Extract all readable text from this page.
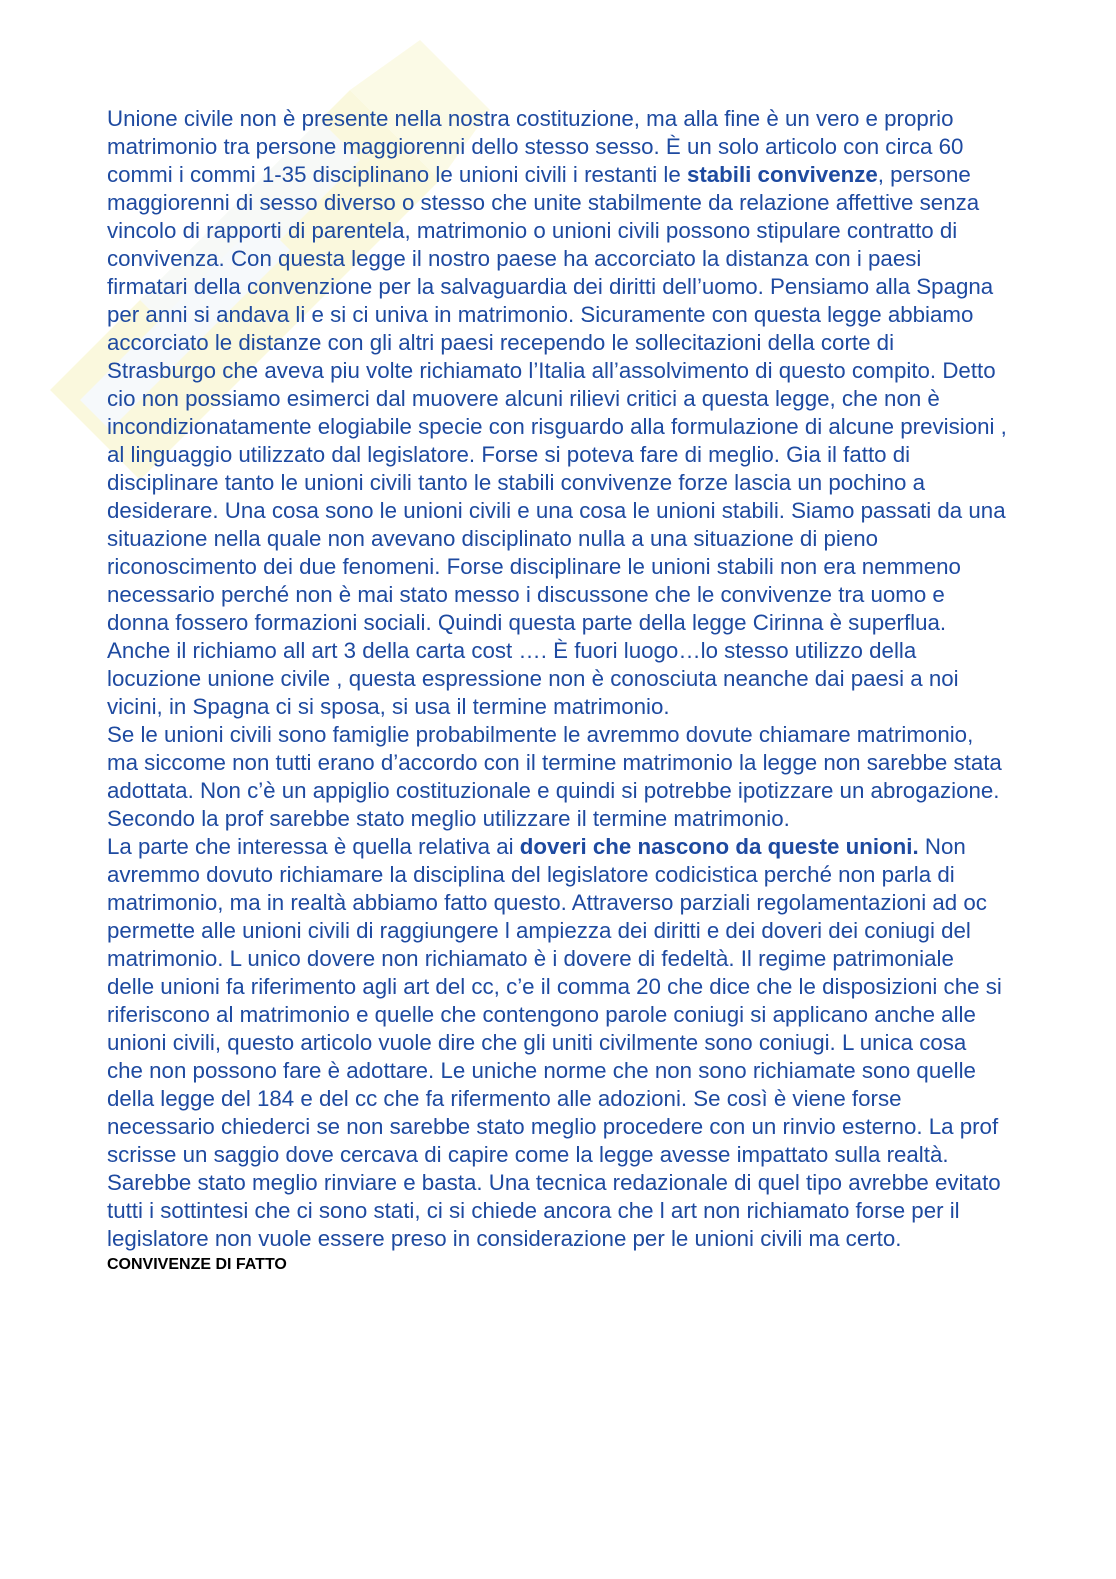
Unione civile non è presente nella nostra costituzione, ma alla fine è un vero e proprio matrimonio tra persone maggiorenni dello stesso sesso. È un solo articolo con circa 60 commi i commi 1-35 disciplinano le unioni civili i restanti le stabili convivenze, persone maggiorenni di sesso diverso o stesso che unite stabilmente da relazione affettive senza vincolo di rapporti di parentela, matrimonio o unioni civili possono stipulare contratto di convivenza. Con questa legge il nostro paese ha accorciato la distanza con i paesi firmatari della convenzione per la salvaguardia dei diritti dell’uomo. Pensiamo alla Spagna per anni si andava li e si ci univa in matrimonio. Sicuramente con questa legge abbiamo accorciato le distanze con gli altri paesi recependo le sollecitazioni della corte di Strasburgo che aveva piu volte richiamato l’Italia all’assolvimento di questo compito. Detto cio non possiamo esimerci dal muovere alcuni rilievi critici a questa legge, che non è incondizionatamente elogiabile specie con risguardo alla formulazione di alcune previsioni , al linguaggio utilizzato dal legislatore. Forse si poteva fare di meglio. Gia il fatto di disciplinare tanto le unioni civili tanto le stabili convivenze forze lascia un pochino a desiderare. Una cosa sono le unioni civili e una cosa le unioni stabili. Siamo passati da una situazione nella quale non avevano disciplinato nulla a una situazione di pieno riconoscimento dei due fenomeni. Forse disciplinare le unioni stabili non era nemmeno necessario perché non è mai stato messo i discussone che le convivenze tra uomo e donna fossero formazioni sociali. Quindi questa parte della legge Cirinna è superflua. Anche il richiamo all art 3 della carta cost …. È fuori luogo…lo stesso utilizzo della locuzione unione civile , questa espressione non è conosciuta neanche dai paesi a noi vicini, in Spagna ci si sposa, si usa il termine matrimonio.

Se le unioni civili sono famiglie probabilmente le avremmo dovute chiamare matrimonio, ma siccome non tutti erano d’accordo con il termine matrimonio la legge non sarebbe stata adottata. Non c’è un appiglio costituzionale e quindi si potrebbe ipotizzare un abrogazione. Secondo la prof sarebbe stato meglio utilizzare il termine matrimonio.

La parte che interessa è quella relativa ai doveri che nascono da queste unioni. Non avremmo dovuto richiamare la disciplina del legislatore codicistica perché non parla di matrimonio, ma in realtà abbiamo fatto questo. Attraverso parziali regolamentazioni ad oc permette alle unioni civili di raggiungere l ampiezza dei diritti e dei doveri dei coniugi del matrimonio. L unico dovere non richiamato è i dovere di fedeltà. Il regime patrimoniale delle unioni fa riferimento agli art del cc, c’e il comma 20 che dice che le disposizioni che si riferiscono al matrimonio e quelle che contengono parole coniugi si applicano anche alle unioni civili, questo articolo vuole dire che gli uniti civilmente sono coniugi. L unica cosa che non possono fare è adottare. Le uniche norme che non sono richiamate sono quelle della legge del 184 e del cc che fa rifermento alle adozioni. Se così è viene forse necessario chiederci se non sarebbe stato meglio procedere con un rinvio esterno. La prof scrisse un saggio dove cercava di capire come la legge avesse impattato sulla realtà. Sarebbe stato meglio rinviare e basta. Una tecnica redazionale di quel tipo avrebbe evitato tutti i sottintesi che ci sono stati, ci si chiede ancora che l art non richiamato forse per il legislatore non vuole essere preso in considerazione per le unioni civili ma certo.

CONVIVENZE DI FATTO
